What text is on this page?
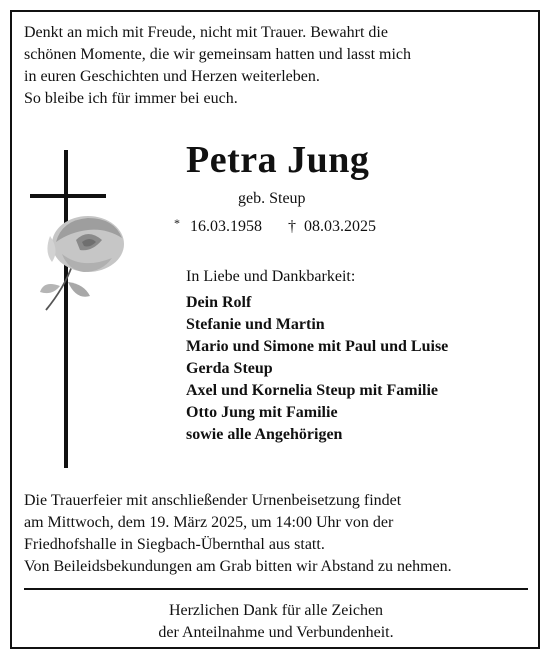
Denkt an mich mit Freude, nicht mit Trauer. Bewahrt die
schönen Momente, die wir gemeinsam hatten und lasst mich
in euren Geschichten und Herzen weiterleben.
So bleibe ich für immer bei euch.
Petra Jung
geb. Steup
* 16.03.1958 † 08.03.2025
In Liebe und Dankbarkeit:
Dein Rolf
Stefanie und Martin
Mario und Simone mit Paul und Luise
Gerda Steup
Axel und Kornelia Steup mit Familie
Otto Jung mit Familie
sowie alle Angehörigen
Die Trauerfeier mit anschließender Urnenbeisetzung findet
am Mittwoch, dem 19. März 2025, um 14:00 Uhr von der
Friedhofshalle in Siegbach-Übernthal aus statt.
Von Beileidsbekundungen am Grab bitten wir Abstand zu nehmen.
Herzlichen Dank für alle Zeichen
der Anteilnahme und Verbundenheit.
